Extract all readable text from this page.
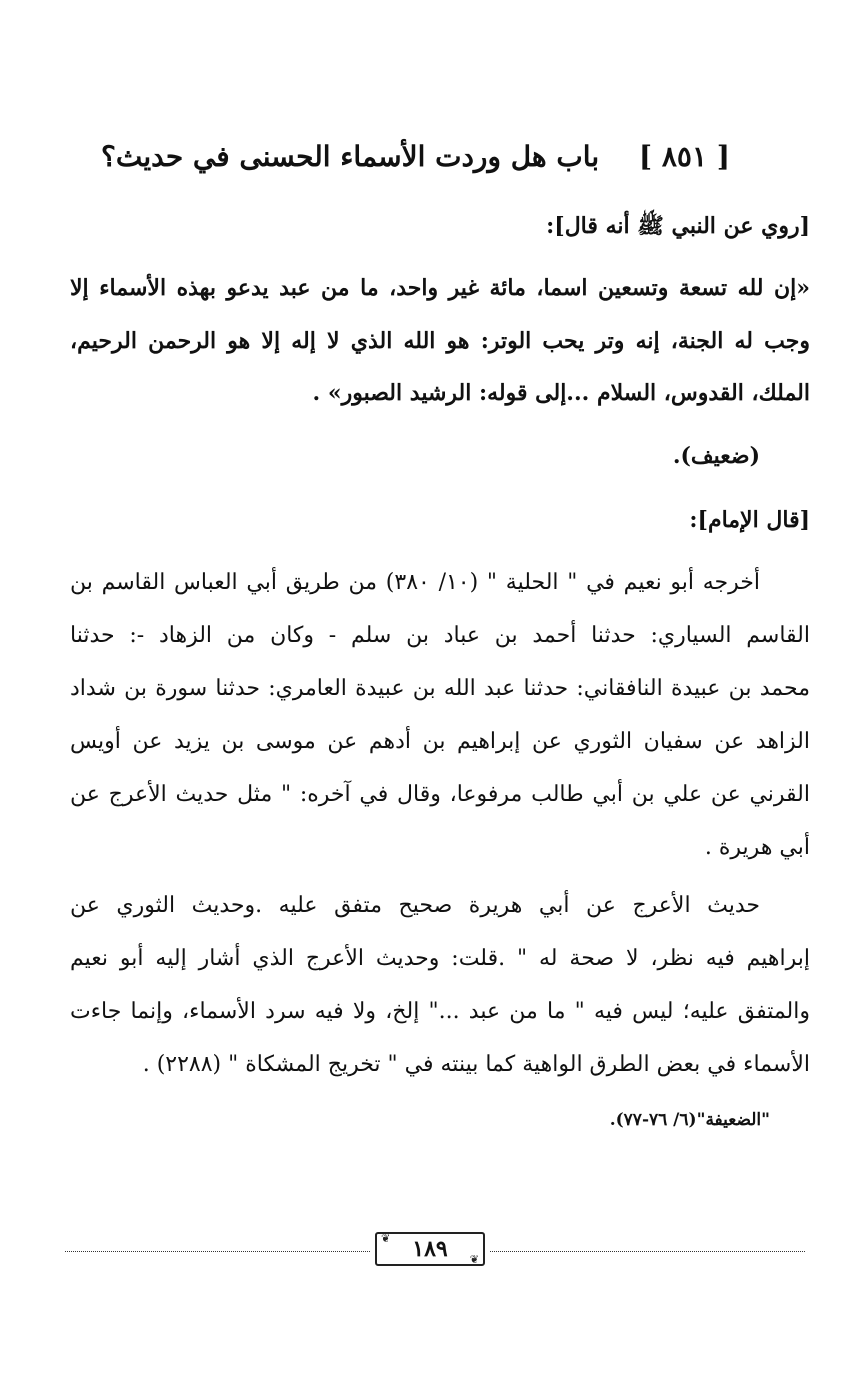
[ ٨٥١ ] باب هل وردت الأسماء الحسنى في حديث؟
[روي عن النبي ﷺ أنه قال]:
«إن لله تسعة وتسعين اسما، مائة غير واحد، ما من عبد يدعو بهذه الأسماء إلا
وجب له الجنة، إنه وتر يحب الوتر: هو الله الذي لا إله إلا هو الرحمن الرحيم،
الملك، القدوس، السلام ...إلى قوله: الرشيد الصبور» .
(ضعيف).
[قال الإمام]:
أخرجه أبو نعيم في " الحلية " (١٠/ ٣٨٠) من طريق أبي العباس القاسم بن
القاسم السياري: حدثنا أحمد بن عباد بن سلم - وكان من الزهاد -: حدثنا
محمد بن عبيدة النافقاني: حدثنا عبد الله بن عبيدة العامري: حدثنا سورة بن شداد
الزاهد عن سفيان الثوري عن إبراهيم بن أدهم عن موسى بن يزيد عن أويس
القرني عن علي بن أبي طالب مرفوعا، وقال في آخره: " مثل حديث الأعرج عن
أبي هريرة .
حديث الأعرج عن أبي هريرة صحيح متفق عليه .وحديث الثوري عن
إبراهيم فيه نظر، لا صحة له " .قلت: وحديث الأعرج الذي أشار إليه أبو نعيم
والمتفق عليه؛ ليس فيه " ما من عبد ..." إلخ، ولا فيه سرد الأسماء، وإنما جاءت
الأسماء في بعض الطرق الواهية كما بينته في " تخريج المشكاة " (٢٢٨٨) .
"الضعيفة"(٦/ ٧٦-٧٧).
❦
❦
١٨٩
